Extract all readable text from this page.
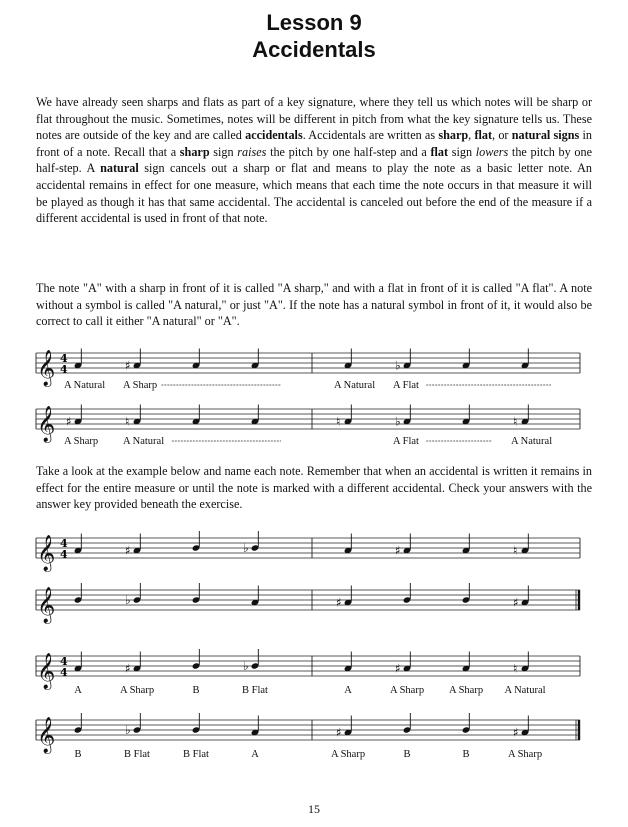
Lesson 9
Accidentals

We have already seen sharps and flats as part of a key signature, where they tell us which notes will be sharp or flat throughout the music. Sometimes, notes will be different in pitch from what the key signature tells us. These notes are outside of the key and are called accidentals. Accidentals are written as sharp, flat, or natural signs in front of a note. Recall that a sharp sign raises the pitch by one half-step and a flat sign lowers the pitch by one half-step. A natural sign cancels out a sharp or flat and means to play the note as a basic letter note. An accidental remains in effect for one measure, which means that each time the note occurs in that measure it will be played as though it has that same accidental. The accidental is canceled out before the end of the measure if a different accidental is used in front of that note.

The note "A" with a sharp in front of it is called "A sharp," and with a flat in front of it is called "A flat". A note without a symbol is called "A natural," or just "A". If the note has a natural symbol in front of it, it would also be correct to call it either "A natural" or "A".

Take a look at the example below and name each note. Remember that when an accidental is written it remains in effect for the entire measure or until the note is marked with a different accidental. Check your answers with the answer key provided beneath the exercise.

𝄞 4
4	♯	♭
A Natural A Sharp	A Natural A Flat
𝄞 ♯	♮	♮	♭	♮
A Sharp A Natural	A Flat	A Natural
𝄞 4
4	♯	♭	♯	♮
𝄞	♭	♯	♯
𝄞 4
4	♯	♭	♯	♮
A	A Sharp	B	B Flat	A	A Sharp A Sharp A Natural
𝄞	♭	♯	♯
B	B Flat	B Flat	A	A Sharp	B	B	A Sharp
15
